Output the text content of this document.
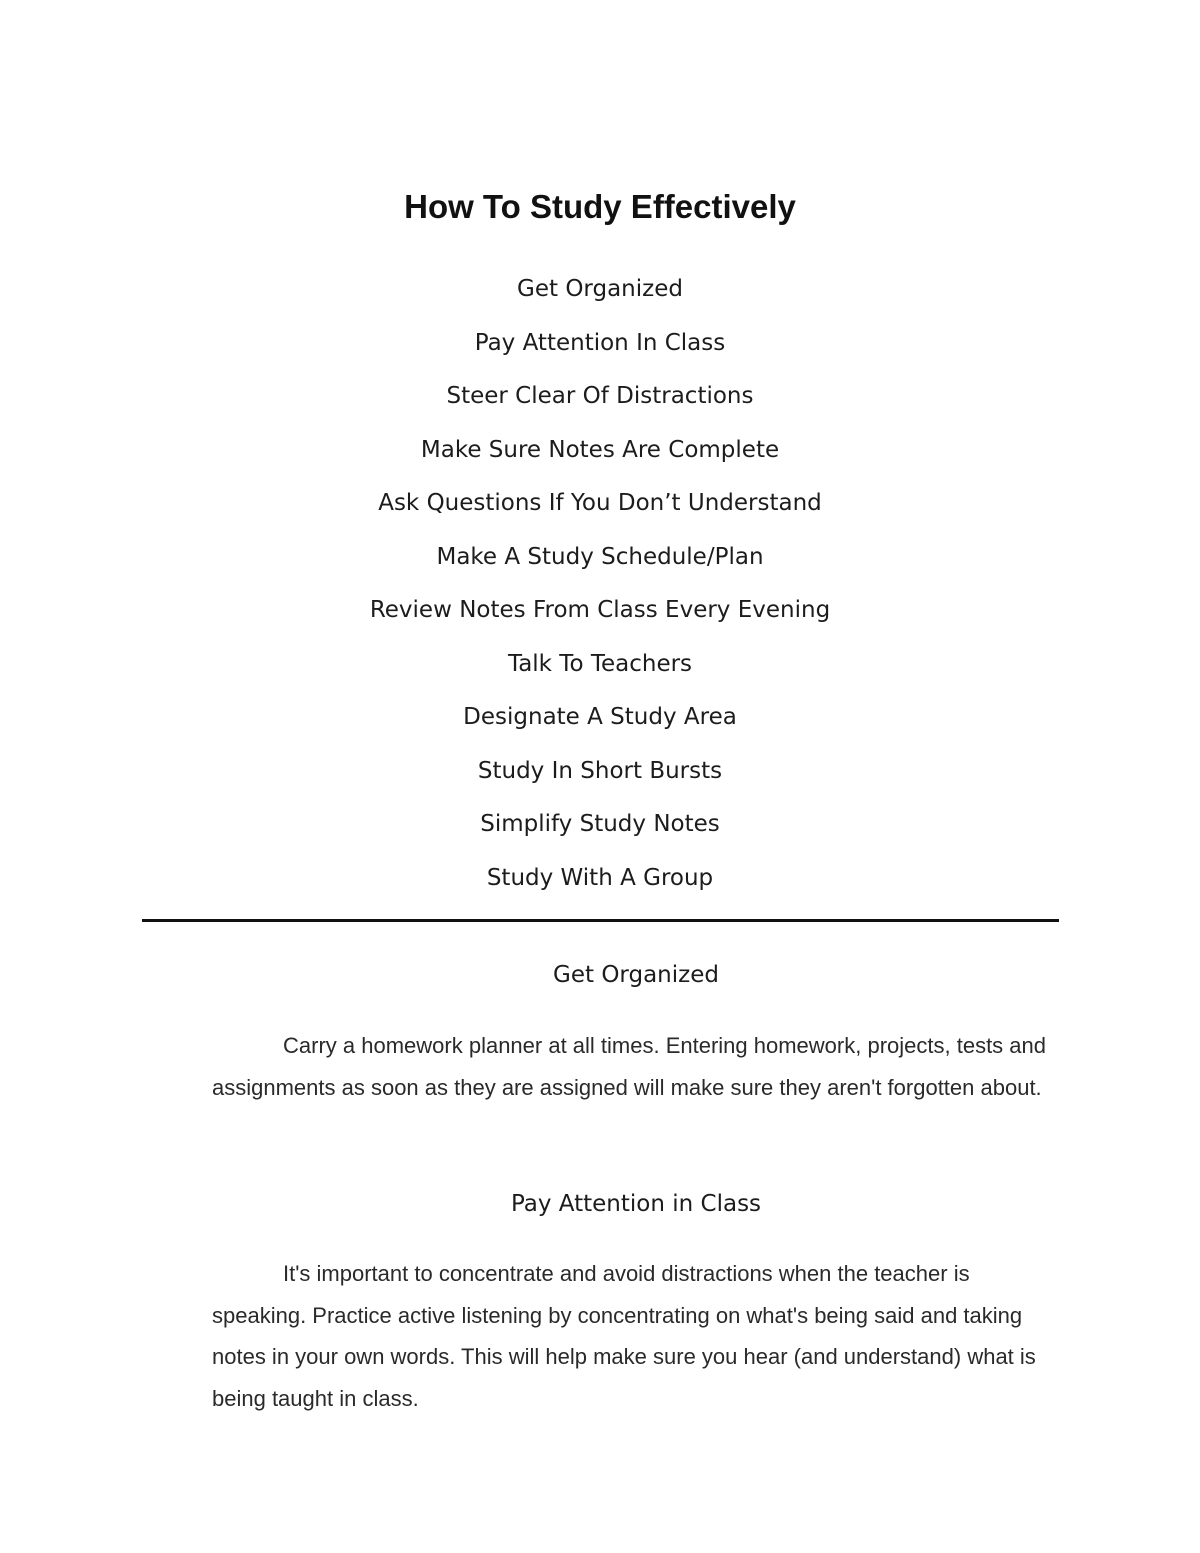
How To Study Effectively
Get Organized
Pay Attention In Class
Steer Clear Of Distractions
Make Sure Notes Are Complete
Ask Questions If You Don’t Understand
Make A Study Schedule/Plan
Review Notes From Class Every Evening
Talk To Teachers
Designate A Study Area
Study In Short Bursts
Simplify Study Notes
Study With A Group
Get Organized

Carry a homework planner at all times. Entering homework, projects, tests and assignments as soon as they are assigned will make sure they aren't forgotten about.

Pay Attention in Class

It's important to concentrate and avoid distractions when the teacher is speaking. Practice active listening by concentrating on what's being said and taking notes in your own words. This will help make sure you hear (and understand) what is being taught in class.
